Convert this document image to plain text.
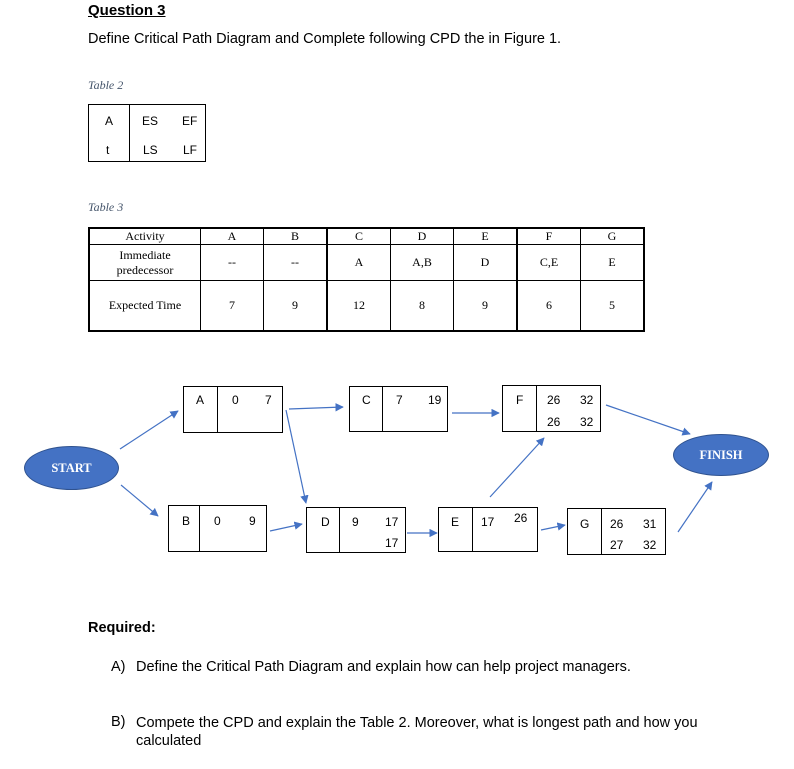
Question 3
Define Critical Path Diagram and Complete following CPD the in Figure 1.
Table 2
A ES EF
t	LS LF
Table 3
Activity	A	B	C	D	E	F	G
Immediate predecessor	--	--	A	A,B	D	C,E	E
Expected Time	7	9	12	8	9	6	5
START
FINISH
A 0 7
B 0 9
C 7 19
D 9 17
17
E 17 26
F 26 32
26 32
G 26 31
27 32
Required:
A) Define the Critical Path Diagram and explain how can help project managers.
B) Compete the CPD and explain the Table 2. Moreover, what is longest path and how you calculated
